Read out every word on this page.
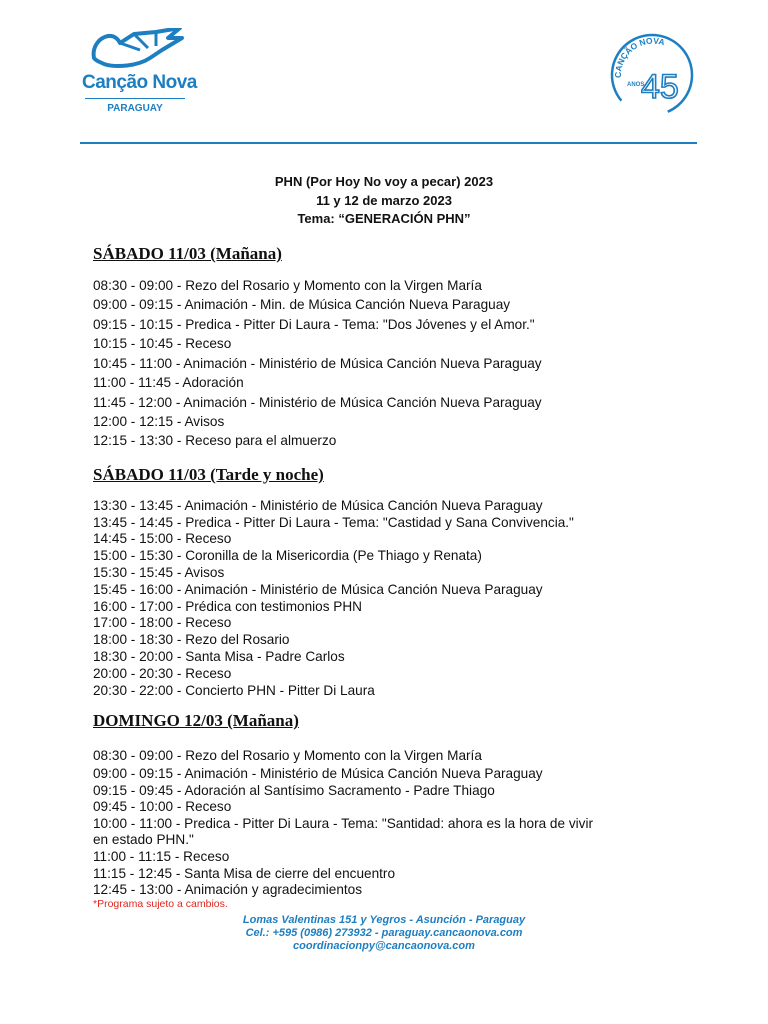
Canção Nova
PARAGUAY
CANÇÃO NOVA
45
ANOS
PHN (Por Hoy No voy a pecar) 2023
11 y 12 de marzo 2023
Tema: “GENERACIÓN PHN”
SÁBADO 11/03 (Mañana)
08:30 - 09:00 - Rezo del Rosario y Momento con la Virgen María
09:00 - 09:15 - Animación - Min. de Música Canción Nueva Paraguay
09:15 - 10:15 - Predica - Pitter Di Laura - Tema: "Dos Jóvenes y el Amor."
10:15 - 10:45 - Receso
10:45 - 11:00 - Animación - Ministério de Música Canción Nueva Paraguay
11:00 - 11:45 - Adoración
11:45 - 12:00 - Animación - Ministério de Música Canción Nueva Paraguay
12:00 - 12:15 - Avisos
12:15 - 13:30 - Receso para el almuerzo
SÁBADO 11/03 (Tarde y noche)
13:30 - 13:45 - Animación - Ministério de Música Canción Nueva Paraguay
13:45 - 14:45 - Predica - Pitter Di Laura - Tema: "Castidad y Sana Convivencia."
14:45 - 15:00 - Receso
15:00 - 15:30 - Coronilla de la Misericordia (Pe Thiago y Renata)
15:30 - 15:45 - Avisos
15:45 - 16:00 - Animación - Ministério de Música Canción Nueva Paraguay
16:00 - 17:00 - Prédica con testimonios PHN
17:00 - 18:00 - Receso
18:00 - 18:30 - Rezo del Rosario
18:30 - 20:00 - Santa Misa - Padre Carlos
20:00 - 20:30 - Receso
20:30 - 22:00 - Concierto PHN - Pitter Di Laura
DOMINGO 12/03 (Mañana)
08:30 - 09:00 - Rezo del Rosario y Momento con la Virgen María
09:00 - 09:15 - Animación - Ministério de Música Canción Nueva Paraguay
09:15 - 09:45 - Adoración al Santísimo Sacramento - Padre Thiago
09:45 - 10:00 - Receso
10:00 - 11:00 - Predica - Pitter Di Laura - Tema: "Santidad: ahora es la hora de vivir
en estado PHN."
11:00 - 11:15 - Receso
11:15 - 12:45 - Santa Misa de cierre del encuentro
12:45 - 13:00 - Animación y agradecimientos
*Programa sujeto a cambios.
Lomas Valentinas 151 y Yegros - Asunción - Paraguay
Cel.: +595 (0986) 273932 - paraguay.cancaonova.com
coordinacionpy@cancaonova.com
